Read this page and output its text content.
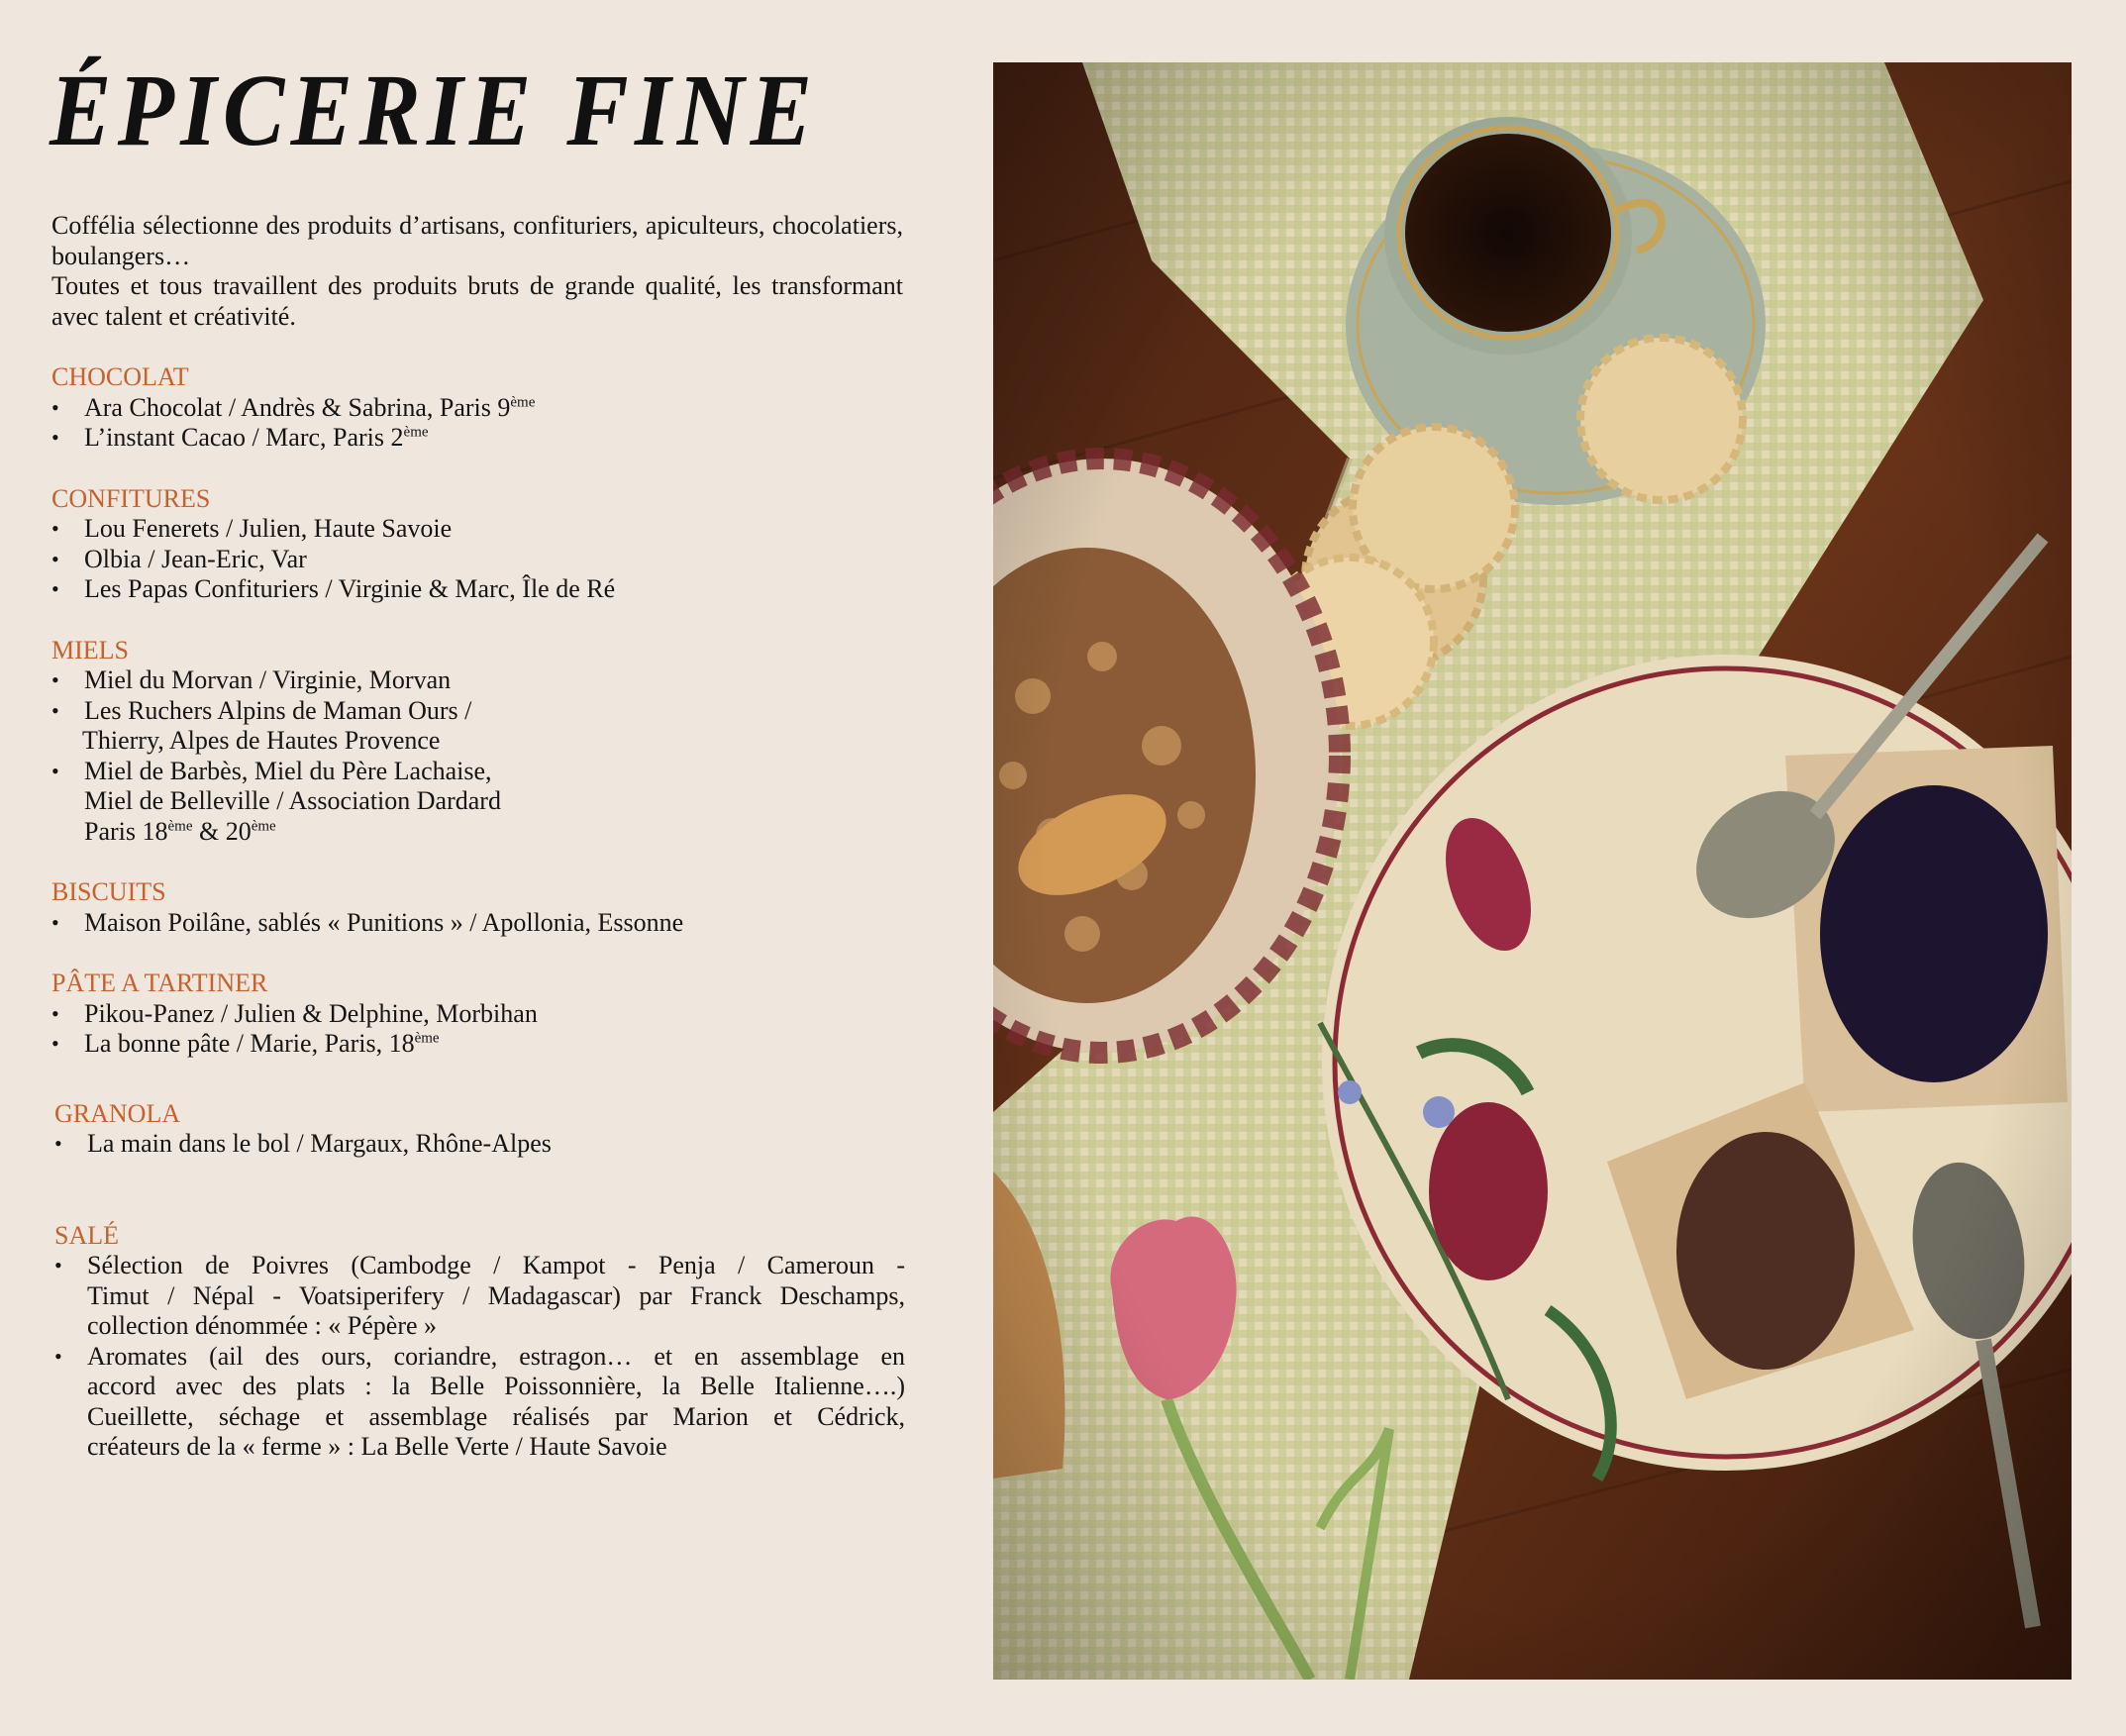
ÉPICERIE FINE

Coffélia sélectionne des produits d’artisans, confituriers, apiculteurs, chocolatiers, boulangers…

Toutes et tous travaillent des produits bruts de grande qualité, les transformant avec talent et créativité.

CHOCOLAT
• Ara Chocolat / Andrès & Sabrina, Paris 9ème
• L’instant Cacao / Marc, Paris 2ème
CONFITURES
• Lou Fenerets / Julien, Haute Savoie
• Olbia / Jean-Eric, Var
• Les Papas Confituriers / Virginie & Marc, Île de Ré
MIELS
• Miel du Morvan / Virginie, Morvan
• Les Ruchers Alpins de Maman Ours /
Thierry, Alpes de Hautes Provence
• Miel de Barbès, Miel du Père Lachaise,
Miel de Belleville / Association Dardard
Paris 18ème & 20ème
BISCUITS
• Maison Poilâne, sablés « Punitions » / Apollonia, Essonne
PÂTE A TARTINER
• Pikou-Panez / Julien & Delphine, Morbihan
• La bonne pâte / Marie, Paris, 18ème
GRANOLA
• La main dans le bol / Margaux, Rhône-Alpes
SALÉ
• Sélection de Poivres (Cambodge / Kampot - Penja / Cameroun -
Timut / Népal - Voatsiperifery / Madagascar) par Franck Deschamps,
collection dénommée : « Pépère »
• Aromates (ail des ours, coriandre, estragon… et en assemblage en
accord avec des plats : la Belle Poissonnière, la Belle Italienne….)
Cueillette, séchage et assemblage réalisés par Marion et Cédrick,
créateurs de la « ferme » : La Belle Verte / Haute Savoie
